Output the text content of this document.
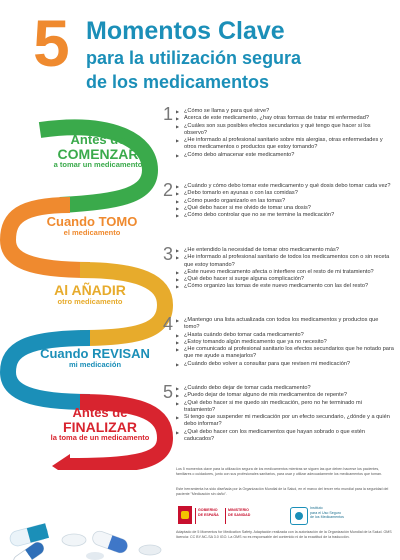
5 Momentos Clave
para la utilización segura
de los medicamentos
Antes de
COMENZAR
a tomar un medicamento
Cuando TOMO
el medicamento
Al AÑADIR
otro medicamento
Cuando REVISAN
mi medicación
Antes de
FINALIZAR
la toma de un medicamento
1
2
3
4
5
▶ ¿Cómo se llama y para qué sirve?
▶ Acerca de este medicamento, ¿hay otras formas de tratar mi enfermedad?
▶ ¿Cuáles son sus posibles efectos secundarios y qué tengo que hacer si los observo?
▶ ¿He informado al profesional sanitario sobre mis alergias, otras enfermedades y otros medicamentos o productos que estoy tomando?
▶ ¿Cómo debo almacenar este medicamento?
▶ ¿Cuándo y cómo debo tomar este medicamento y qué dosis debo tomar cada vez?
▶ ¿Debo tomarlo en ayunas o con las comidas?
▶ ¿Cómo puedo organizarlo en las tomas?
▶ ¿Qué debo hacer si me olvido de tomar una dosis?
▶ ¿Cómo debo controlar que no se me termine la medicación?
▶ ¿He entendido la necesidad de tomar otro medicamento más?
▶ ¿He informado al profesional sanitario de todos los medicamentos con o sin receta que estoy tomando?
▶ ¿Este nuevo medicamento afecta o interfiere con el resto de mi tratamiento?
▶ ¿Qué debo hacer si surge alguna complicación?
▶ ¿Cómo organizo las tomas de este nuevo medicamento con las del resto?
▶ ¿Mantengo una lista actualizada con todos los medicamentos y productos que tomo?
▶ ¿Hasta cuándo debo tomar cada medicamento?
▶ ¿Estoy tomando algún medicamento que ya no necesito?
▶ ¿He comunicado al profesional sanitario los efectos secundarios que he notado para que me ayude a manejarlos?
▶ ¿Cuándo debo volver a consultar para que revisen mi medicación?
▶ ¿Cuándo debo dejar de tomar cada medicamento?
▶ ¿Puedo dejar de tomar alguno de mis medicamentos de repente?
▶ ¿Qué debo hacer si me quedo sin medicación, pero no he terminado mi tratamiento?
▶ Si tengo que suspender mi medicación por un efecto secundario, ¿dónde y a quién debo informar?
▶ ¿Qué debo hacer con los medicamentos que hayan sobrado o que estén caducados?
Los 5 momentos clave para la utilización segura de los medicamentos mientras se siguen las que deben hacerse los pacientes, familiares o cuidadores, junto con sus profesionales sanitarios, para usar y utilizar adecuadamente los medicamentos que toman.
Este herramienta ha sido diseñada por la Organización Mundial de la Salud, en el marco del tercer reto mundial para la seguridad del paciente "Medicación sin daño".
GOBIERNO
DE ESPAÑA
MINISTERIO
DE SANIDAD
Instituto
para el Uso Seguro
de los Medicamentos
Adaptado de 5 Momentos for Medication Safety. Adaptación realizada con la autorización de la Organización Mundial de la Salud. OMS licencia: CC BY-NC-SA 3.0 IGO. La OMS no es responsable del contenido ni de la exactitud de la traducción.
